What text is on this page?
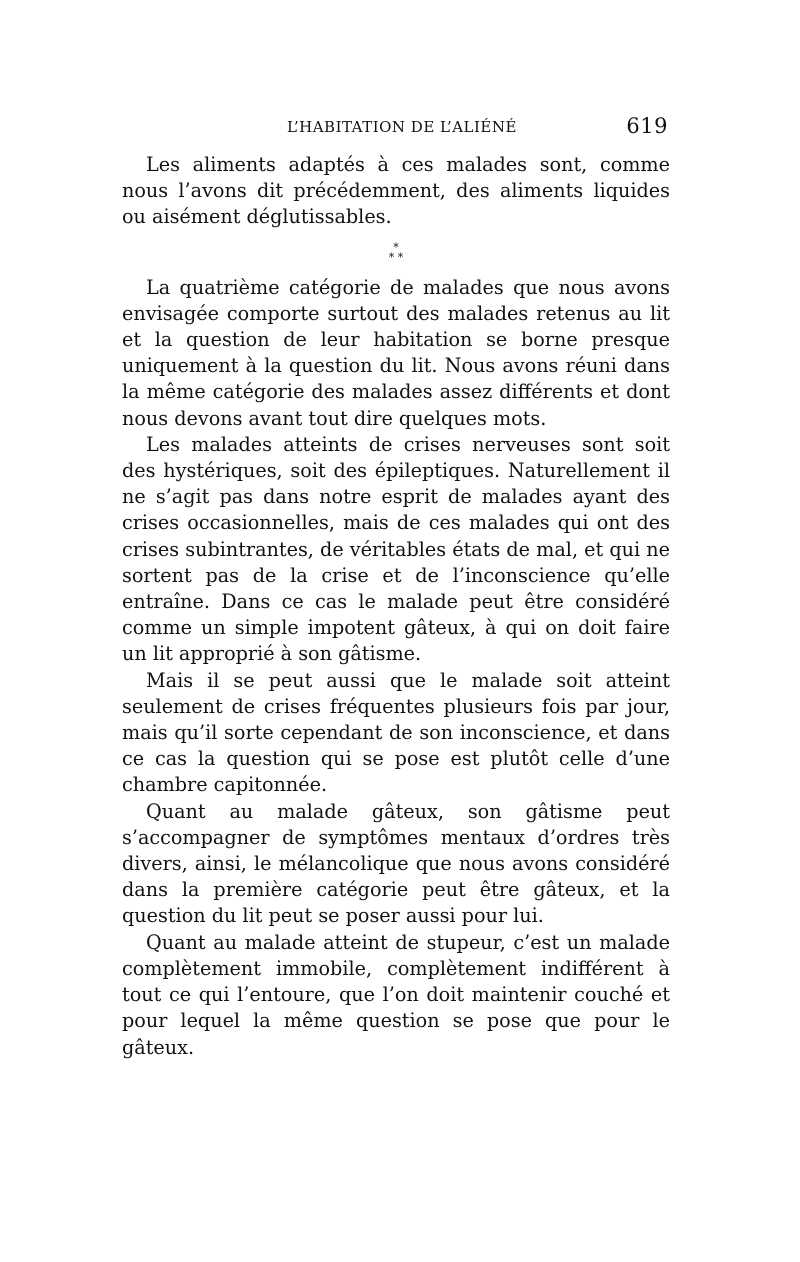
L’HABITATION DE L’ALIÉNÉ	619

Les aliments adaptés à ces malades sont, comme nous l’avons dit précédemment, des aliments liquides ou aisément déglutissables.

*
* *

La quatrième catégorie de malades que nous avons envisagée comporte surtout des malades retenus au lit et la question de leur habitation se borne presque uniquement à la question du lit. Nous avons réuni dans la même catégorie des malades assez différents et dont nous devons avant tout dire quelques mots.

Les malades atteints de crises nerveuses sont soit des hystériques, soit des épileptiques. Naturellement il ne s’agit pas dans notre esprit de malades ayant des crises occasionnelles, mais de ces malades qui ont des crises subintrantes, de véritables états de mal, et qui ne sortent pas de la crise et de l’inconscience qu’elle entraîne. Dans ce cas le malade peut être considéré comme un simple impotent gâteux, à qui on doit faire un lit approprié à son gâtisme.

Mais il se peut aussi que le malade soit atteint seulement de crises fréquentes plusieurs fois par jour, mais qu’il sorte cependant de son inconscience, et dans ce cas la question qui se pose est plutôt celle d’une chambre capitonnée.

Quant au malade gâteux, son gâtisme peut s’accompagner de symptômes mentaux d’ordres très divers, ainsi, le mélancolique que nous avons considéré dans la première catégorie peut être gâteux, et la question du lit peut se poser aussi pour lui.

Quant au malade atteint de stupeur, c’est un malade complètement immobile, complètement indifférent à tout ce qui l’entoure, que l’on doit maintenir couché et pour lequel la même question se pose que pour le gâteux.
